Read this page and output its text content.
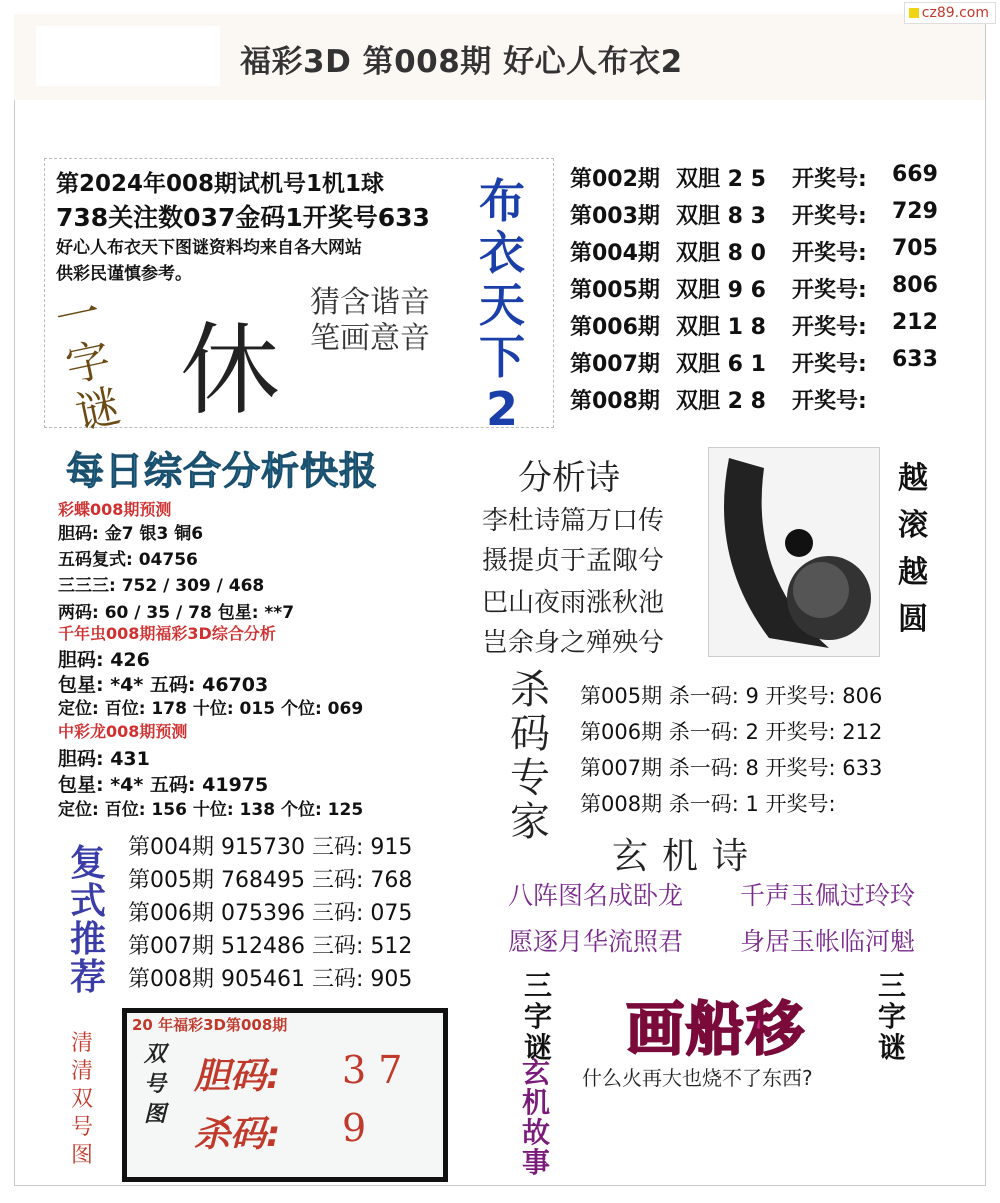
福彩3D 第008期 好心人布衣2
cz89.com
第2024年008期试机号1机1球
738关注数037金码1开奖号633
好心人布衣天下图谜资料均来自各大网站
供彩民谨慎参考。
一字谜 休
猜含谐音笔画意音
布衣天下2
每日综合分析快报
第002期 双胆 2 5	开奖号:	669
第003期 双胆 8 3	开奖号:	729
第004期 双胆 8 0	开奖号:	705
第005期 双胆 9 6	开奖号:	806
第006期 双胆 1 8	开奖号:	212
第007期 双胆 6 1	开奖号:	633
第008期 双胆 2 8	开奖号:
彩蝶008期预测
胆码: 金7 银3 铜6
五码复式: 04756
三三三: 752 / 309 / 468
两码: 60 / 35 / 78 包星: **7
千年虫008期福彩3D综合分析
胆码: 426
包星: *4* 五码: 46703
定位: 百位: 178 十位: 015 个位: 069
中彩龙008期预测
胆码: 431
包星: *4* 五码: 41975
定位: 百位: 156 十位: 138 个位: 125
分析诗
李杜诗篇万口传
摄提贞于孟陬兮
巴山夜雨涨秋池
岂余身之殚殃兮
越滚越圆
杀码专家
第005期 杀一码: 9 开奖号: 806
第006期 杀一码: 2 开奖号: 212
第007期 杀一码: 8 开奖号: 633
第008期 杀一码: 1 开奖号:
玄机诗
八阵图名成卧龙 千声玉佩过玲玲
愿逐月华流照君 身居玉帐临河魁
复式推荐
第004期 915730 三码: 915
第005期 768495 三码: 768
第006期 075396 三码: 075
第007期 512486 三码: 512
第008期 905461 三码: 905
清清双号图
20 年福彩3D第008期
双号图
胆码: 3 7
杀码: 9
三字谜
三字谜
画船移
玄机故事
什么火再大也烧不了东西?
